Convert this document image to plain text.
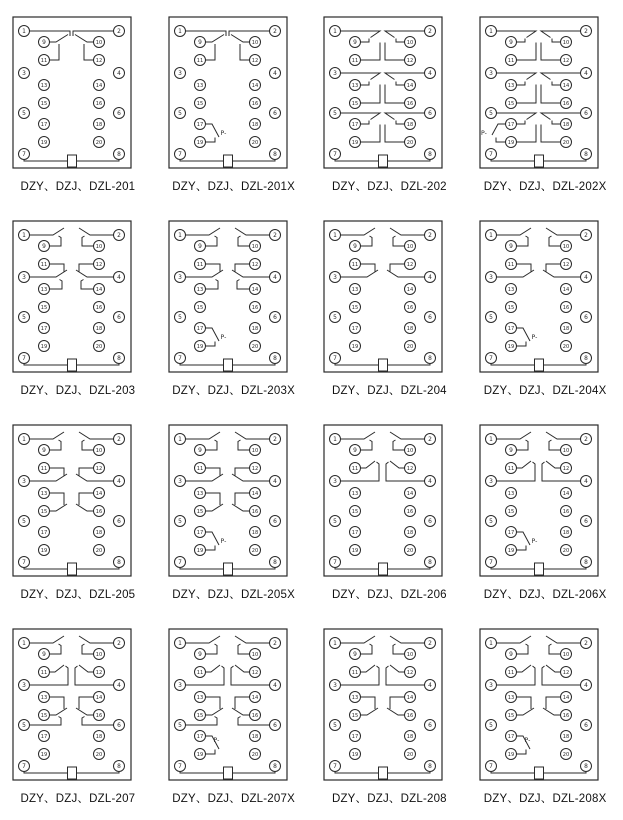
1	2
3	4
5	6
7	8
9	10
11	12
13	14
15	16
17	18
19	20
DZY、DZJ、DZL-201
P-
1	2
3	4
5	6
7	8
9	10
11	12
13	14
15	16
17	18
19	20
DZY、DZJ、DZL-201X
1	2
3	4
5	6
7	8
9	10
11	12
13	14
15	16
17	18
19	20
DZY、DZJ、DZL-202
P-
1	2
3	4
5	6
7	8
9	10
11	12
13	14
15	16
17	18
19	20
DZY、DZJ、DZL-202X
1	2
3	4
5	6
7	8
9	10
11	12
13	14
15	16
17	18
19	20
DZY、DZJ、DZL-203
P-
1	2
3	4
5	6
7	8
9	10
11	12
13	14
15	16
17	18
19	20
DZY、DZJ、DZL-203X
1	2
3	4
5	6
7	8
9	10
11	12
13	14
15	16
17	18
19	20
DZY、DZJ、DZL-204
P-
1	2
3	4
5	6
7	8
9	10
11	12
13	14
15	16
17	18
19	20
DZY、DZJ、DZL-204X
1	2
3	4
5	6
7	8
9	10
11	12
13	14
15	16
17	18
19	20
DZY、DZJ、DZL-205
P-
1	2
3	4
5	6
7	8
9	10
11	12
13	14
15	16
17	18
19	20
DZY、DZJ、DZL-205X
1	2
3	4
5	6
7	8
9	10
11	12
13	14
15	16
17	18
19	20
DZY、DZJ、DZL-206
P-
1	2
3	4
5	6
7	8
9	10
11	12
13	14
15	16
17	18
19	20
DZY、DZJ、DZL-206X
1	2
3	4
5	6
7	8
9	10
11	12
13	14
15	16
17	18
19	20
DZY、DZJ、DZL-207
P-
1	2
3	4
5	6
7	8
9	10
11	12
13	14
15	16
17	18
19	20
DZY、DZJ、DZL-207X
1	2
3	4
5	6
7	8
9	10
11	12
13	14
15	16
17	18
19	20
DZY、DZJ、DZL-208
P-
1	2
3	4
5	6
7	8
9	10
11	12
13	14
15	16
17	18
19	20
DZY、DZJ、DZL-208X
